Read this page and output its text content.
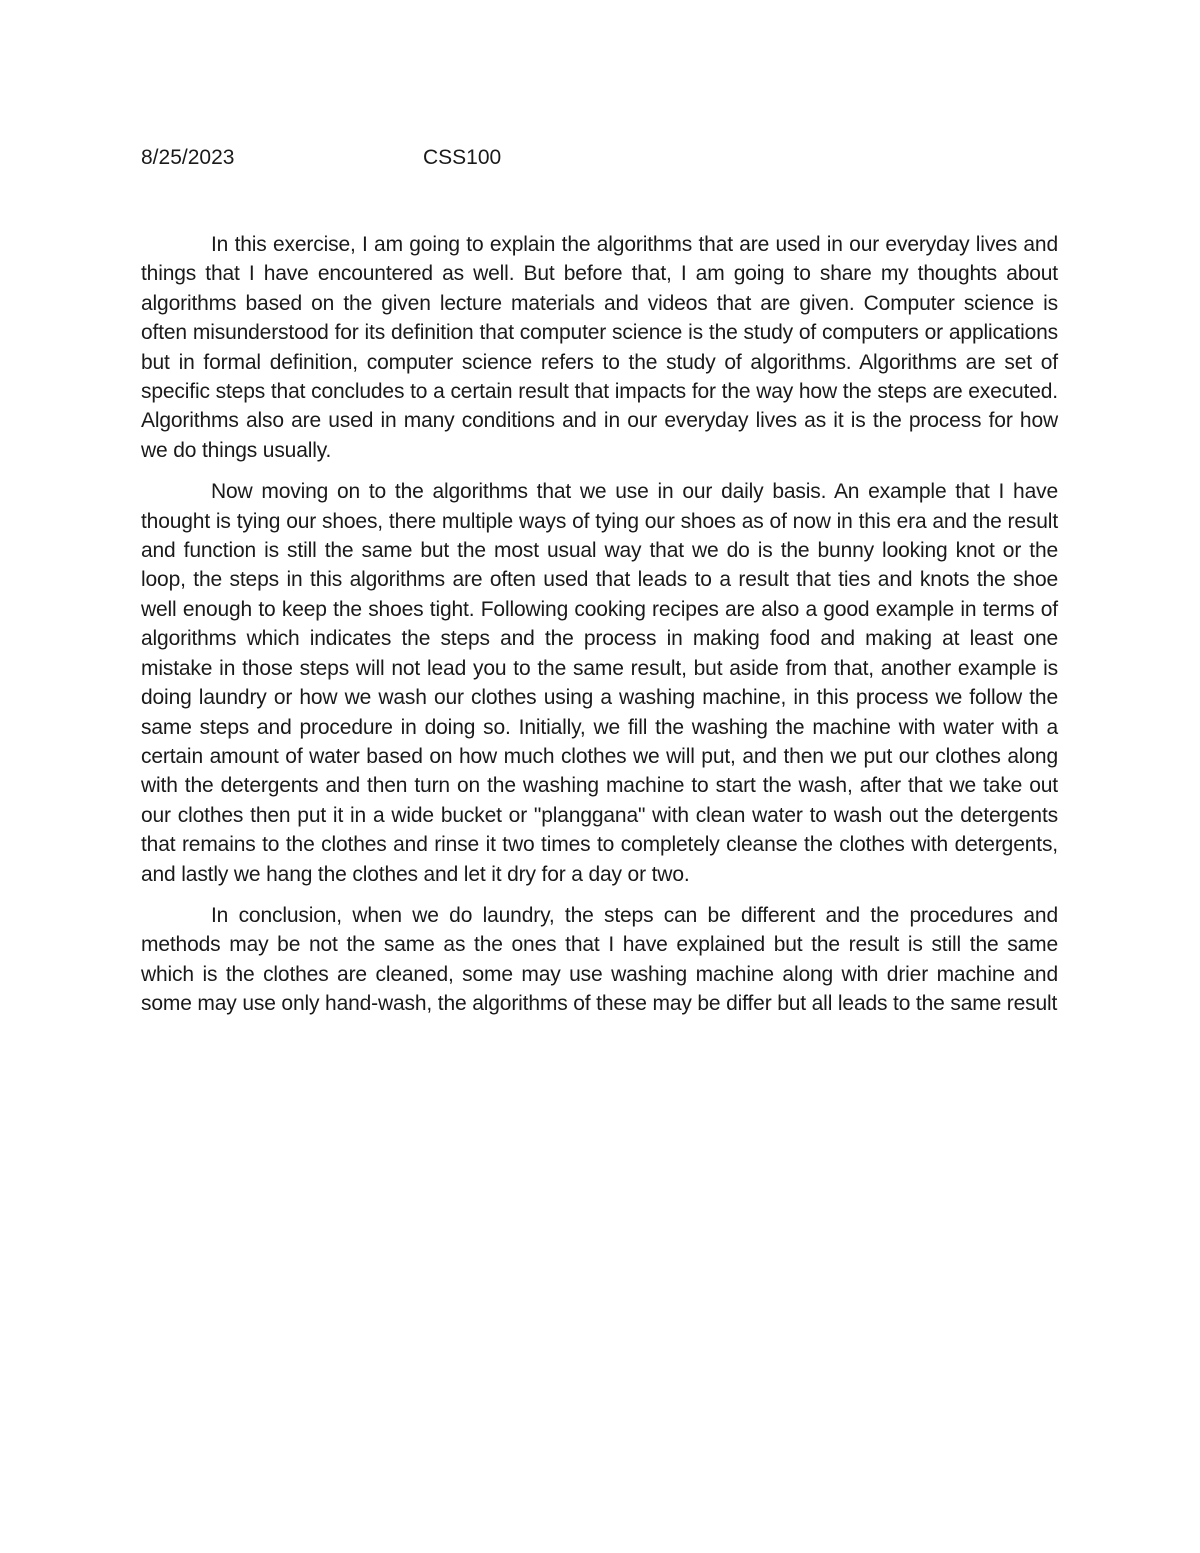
8/25/2023	CSS100

In this exercise, I am going to explain the algorithms that are used in our everyday lives and things that I have encountered as well. But before that, I am going to share my thoughts about algorithms based on the given lecture materials and videos that are given. Computer science is often misunderstood for its definition that computer science is the study of computers or applications but in formal definition, computer science refers to the study of algorithms. Algorithms are set of specific steps that concludes to a certain result that impacts for the way how the steps are executed. Algorithms also are used in many conditions and in our everyday lives as it is the process for how we do things usually.

Now moving on to the algorithms that we use in our daily basis. An example that I have thought is tying our shoes, there multiple ways of tying our shoes as of now in this era and the result and function is still the same but the most usual way that we do is the bunny looking knot or the loop, the steps in this algorithms are often used that leads to a result that ties and knots the shoe well enough to keep the shoes tight. Following cooking recipes are also a good example in terms of algorithms which indicates the steps and the process in making food and making at least one mistake in those steps will not lead you to the same result, but aside from that, another example is doing laundry or how we wash our clothes using a washing machine, in this process we follow the same steps and procedure in doing so. Initially, we fill the washing the machine with water with a certain amount of water based on how much clothes we will put, and then we put our clothes along with the detergents and then turn on the washing machine to start the wash, after that we take out our clothes then put it in a wide bucket or "planggana" with clean water to wash out the detergents that remains to the clothes and rinse it two times to completely cleanse the clothes with detergents, and lastly we hang the clothes and let it dry for a day or two.

In conclusion, when we do laundry, the steps can be different and the procedures and methods may be not the same as the ones that I have explained but the result is still the same which is the clothes are cleaned, some may use washing machine along with drier machine and some may use only hand-wash, the algorithms of these may be differ but all leads to the same result
